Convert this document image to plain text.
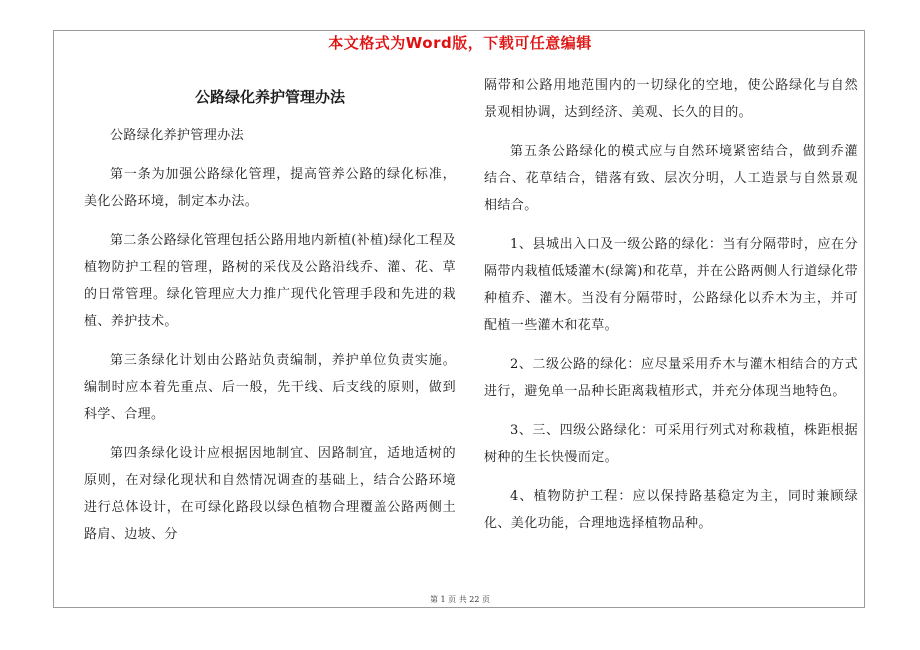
本文格式为Word版，下载可任意编辑
公路绿化养护管理办法

公路绿化养护管理办法

第一条为加强公路绿化管理，提高管养公路的绿化标准，美化公路环境，制定本办法。

第二条公路绿化管理包括公路用地内新植(补植)绿化工程及植物防护工程的管理，路树的采伐及公路沿线乔、灌、花、草的日常管理。绿化管理应大力推广现代化管理手段和先进的栽植、养护技术。

第三条绿化计划由公路站负责编制，养护单位负责实施。编制时应本着先重点、后一般，先干线、后支线的原则，做到科学、合理。

第四条绿化设计应根据因地制宜、因路制宜，适地适树的原则，在对绿化现状和自然情况调查的基础上，结合公路环境进行总体设计，在可绿化路段以绿色植物合理覆盖公路两侧土路肩、边坡、分

隔带和公路用地范围内的一切绿化的空地，使公路绿化与自然景观相协调，达到经济、美观、长久的目的。

第五条公路绿化的模式应与自然环境紧密结合，做到乔灌结合、花草结合，错落有致、层次分明，人工造景与自然景观相结合。

1、县城出入口及一级公路的绿化：当有分隔带时，应在分隔带内栽植低矮灌木(绿篱)和花草，并在公路两侧人行道绿化带种植乔、灌木。当没有分隔带时，公路绿化以乔木为主，并可配植一些灌木和花草。

2、二级公路的绿化：应尽量采用乔木与灌木相结合的方式进行，避免单一品种长距离栽植形式，并充分体现当地特色。

3、三、四级公路绿化：可采用行列式对称栽植，株距根据树种的生长快慢而定。

4、植物防护工程：应以保持路基稳定为主，同时兼顾绿化、美化功能，合理地选择植物品种。

第 1 页 共 22 页
